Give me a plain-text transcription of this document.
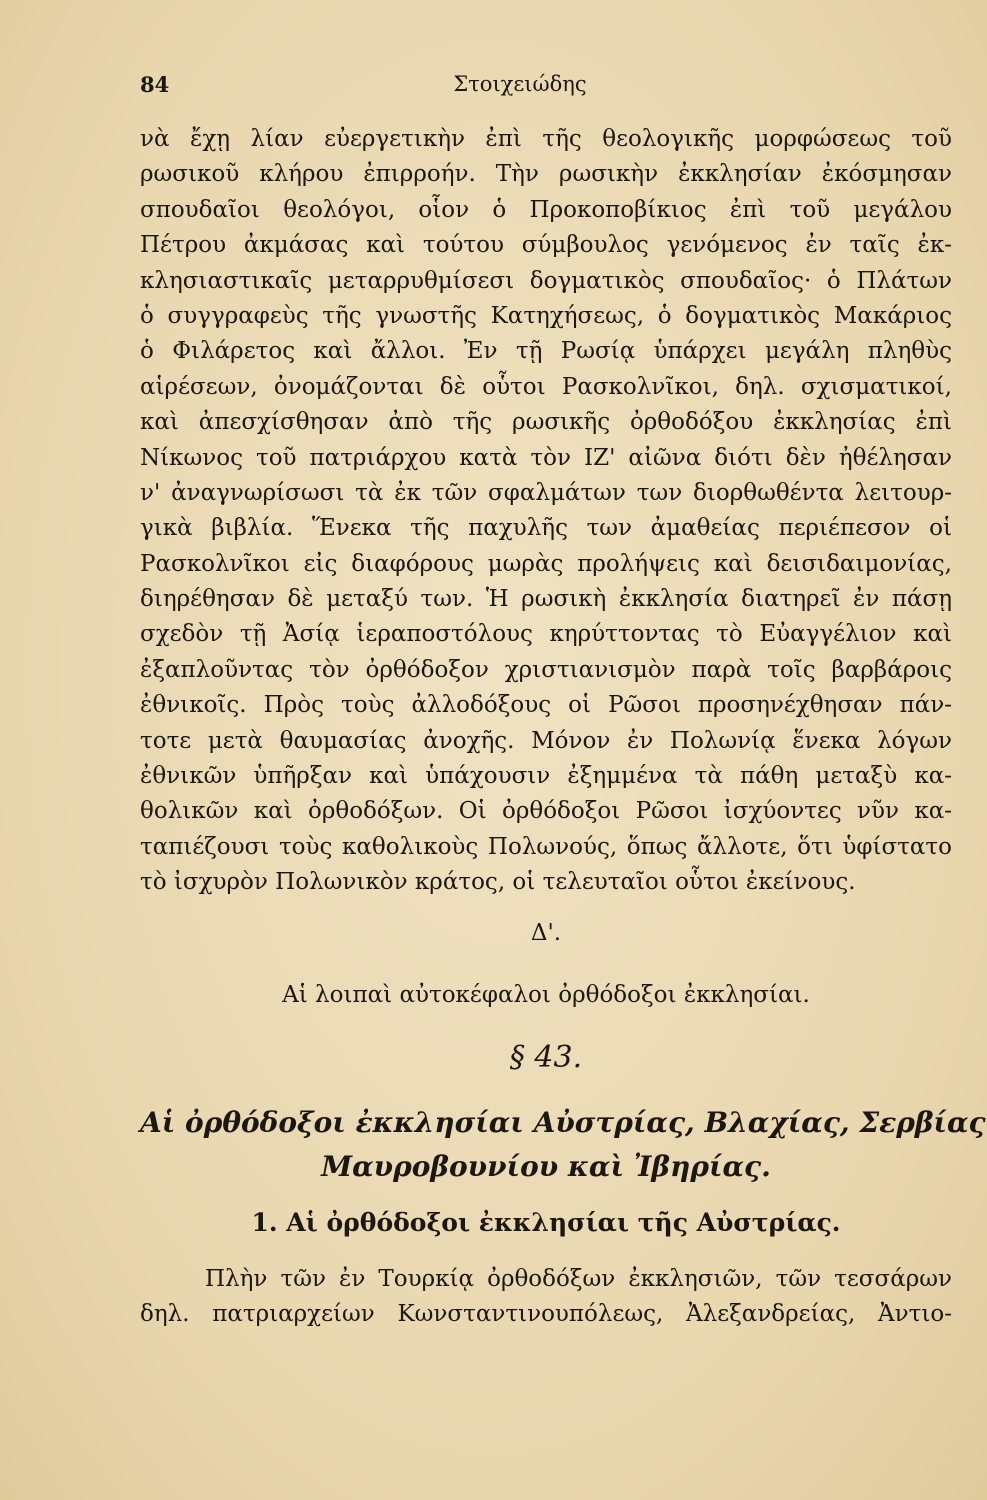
84	Στοιχειώδης
νὰ ἔχῃ λίαν εὐεργετικὴν ἐπὶ τῆς θεολογικῆς μορφώσεως τοῦ
ρωσικοῦ κλήρου ἐπιρροήν. Τὴν ρωσικὴν ἐκκλησίαν ἐκόσμησαν
σπουδαῖοι θεολόγοι, οἷον ὁ Προκοποβίκιος ἐπὶ τοῦ μεγάλου
Πέτρου ἀκμάσας καὶ τούτου σύμβουλος γενόμενος ἐν ταῖς ἐκ-
κλησιαστικαῖς μεταρρυθμίσεσι δογματικὸς σπουδαῖος· ὁ Πλάτων
ὁ συγγραφεὺς τῆς γνωστῆς Κατηχήσεως, ὁ δογματικὸς Μακάριος
ὁ Φιλάρετος καὶ ἄλλοι. Ἐν τῇ Ρωσίᾳ ὑπάρχει μεγάλη πληθὺς
αἱρέσεων, ὀνομάζονται δὲ οὗτοι Ρασκολνῖκοι, δηλ. σχισματικοί,
καὶ ἀπεσχίσθησαν ἀπὸ τῆς ρωσικῆς ὀρθοδόξου ἐκκλησίας ἐπὶ
Νίκωνος τοῦ πατριάρχου κατὰ τὸν ΙΖ' αἰῶνα διότι δὲν ἠθέλησαν
ν' ἀναγνωρίσωσι τὰ ἐκ τῶν σφαλμάτων των διορθωθέντα λειτουρ-
γικὰ βιβλία. Ἕνεκα τῆς παχυλῆς των ἀμαθείας περιέπεσον οἱ
Ρασκολνῖκοι εἰς διαφόρους μωρὰς προλήψεις καὶ δεισιδαιμονίας,
διηρέθησαν δὲ μεταξύ των. Ἡ ρωσικὴ ἐκκλησία διατηρεῖ ἐν πάσῃ
σχεδὸν τῇ Ἀσίᾳ ἱεραποστόλους κηρύττοντας τὸ Εὐαγγέλιον καὶ
ἐξαπλοῦντας τὸν ὀρθόδοξον χριστιανισμὸν παρὰ τοῖς βαρβάροις
ἐθνικοῖς. Πρὸς τοὺς ἀλλοδόξους οἱ Ρῶσοι προσηνέχθησαν πάν-
τοτε μετὰ θαυμασίας ἀνοχῆς. Μόνον ἐν Πολωνίᾳ ἕνεκα λόγων
ἐθνικῶν ὑπῆρξαν καὶ ὑπάχουσιν ἐξημμένα τὰ πάθη μεταξὺ κα-
θολικῶν καὶ ὀρθοδόξων. Οἱ ὀρθόδοξοι Ρῶσοι ἰσχύοντες νῦν κα-
ταπιέζουσι τοὺς καθολικοὺς Πολωνούς, ὅπως ἄλλοτε, ὅτι ὑφίστατο
τὸ ἰσχυρὸν Πολωνικὸν κράτος, οἱ τελευταῖοι οὗτοι ἐκείνους.
Δ'.
Αἱ λοιπαὶ αὐτοκέφαλοι ὀρθόδοξοι ἐκκλησίαι.
§ 43.
Αἱ ὀρθόδοξοι ἐκκλησίαι Αὐστρίας, Βλαχίας, Σερβίας
Μαυροβουνίου καὶ Ἰβηρίας.
1. Αἱ ὀρθόδοξοι ἐκκλησίαι τῆς Αὐστρίας.
Πλὴν τῶν ἐν Τουρκίᾳ ὀρθοδόξων ἐκκλησιῶν, τῶν τεσσάρων
δηλ. πατριαρχείων Κωνσταντινουπόλεως, Ἀλεξανδρείας, Ἀντιο-
